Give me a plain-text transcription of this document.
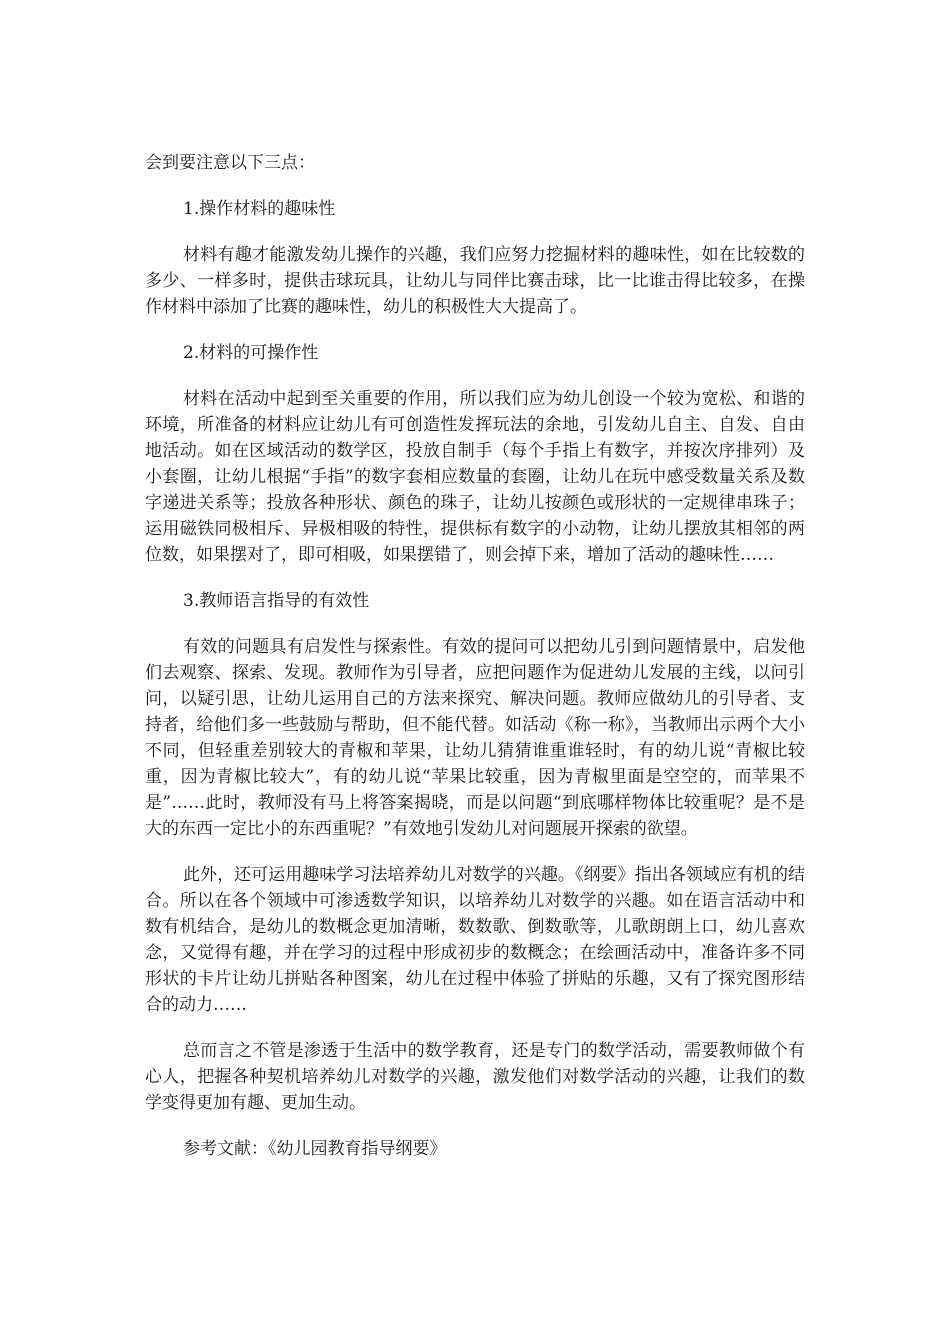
会到要注意以下三点：

1.操作材料的趣味性

材料有趣才能激发幼儿操作的兴趣，我们应努力挖掘材料的趣味性，如在比较数的多少、一样多时，提供击球玩具，让幼儿与同伴比赛击球，比一比谁击得比较多，在操作材料中添加了比赛的趣味性，幼儿的积极性大大提高了。

2.材料的可操作性

材料在活动中起到至关重要的作用，所以我们应为幼儿创设一个较为宽松、和谐的环境，所准备的材料应让幼儿有可创造性发挥玩法的余地，引发幼儿自主、自发、自由地活动。如在区域活动的数学区，投放自制手（每个手指上有数字，并按次序排列）及小套圈，让幼儿根据“手指”的数字套相应数量的套圈，让幼儿在玩中感受数量关系及数字递进关系等；投放各种形状、颜色的珠子，让幼儿按颜色或形状的一定规律串珠子；运用磁铁同极相斥、异极相吸的特性，提供标有数字的小动物，让幼儿摆放其相邻的两位数，如果摆对了，即可相吸，如果摆错了，则会掉下来，增加了活动的趣味性……

3.教师语言指导的有效性

有效的问题具有启发性与探索性。有效的提问可以把幼儿引到问题情景中，启发他们去观察、探索、发现。教师作为引导者，应把问题作为促进幼儿发展的主线，以问引问，以疑引思，让幼儿运用自己的方法来探究、解决问题。教师应做幼儿的引导者、支持者，给他们多一些鼓励与帮助，但不能代替。如活动《称一称》，当教师出示两个大小不同，但轻重差别较大的青椒和苹果，让幼儿猜猜谁重谁轻时，有的幼儿说“青椒比较重，因为青椒比较大”，有的幼儿说“苹果比较重，因为青椒里面是空空的，而苹果不是”……此时，教师没有马上将答案揭晓，而是以问题“到底哪样物体比较重呢？是不是大的东西一定比小的东西重呢？”有效地引发幼儿对问题展开探索的欲望。

此外，还可运用趣味学习法培养幼儿对数学的兴趣。《纲要》指出各领域应有机的结合。所以在各个领域中可渗透数学知识，以培养幼儿对数学的兴趣。如在语言活动中和数有机结合，是幼儿的数概念更加清晰，数数歌、倒数歌等，儿歌朗朗上口，幼儿喜欢念，又觉得有趣，并在学习的过程中形成初步的数概念；在绘画活动中，准备许多不同形状的卡片让幼儿拼贴各种图案，幼儿在过程中体验了拼贴的乐趣，又有了探究图形结合的动力……

总而言之不管是渗透于生活中的数学教育，还是专门的数学活动，需要教师做个有心人，把握各种契机培养幼儿对数学的兴趣，激发他们对数学活动的兴趣，让我们的数学变得更加有趣、更加生动。

参考文献：《幼儿园教育指导纲要》
